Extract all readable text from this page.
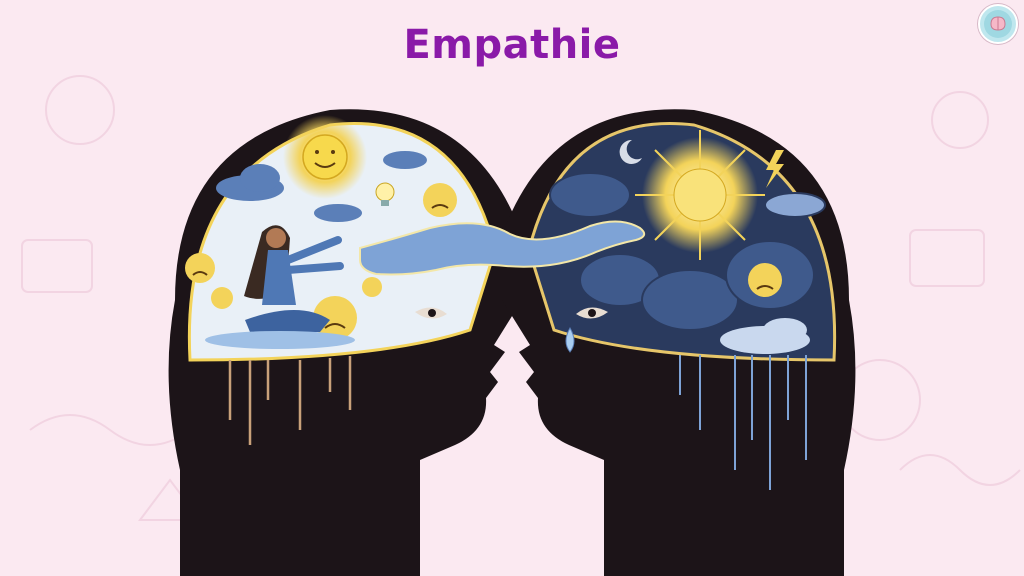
Empathie
